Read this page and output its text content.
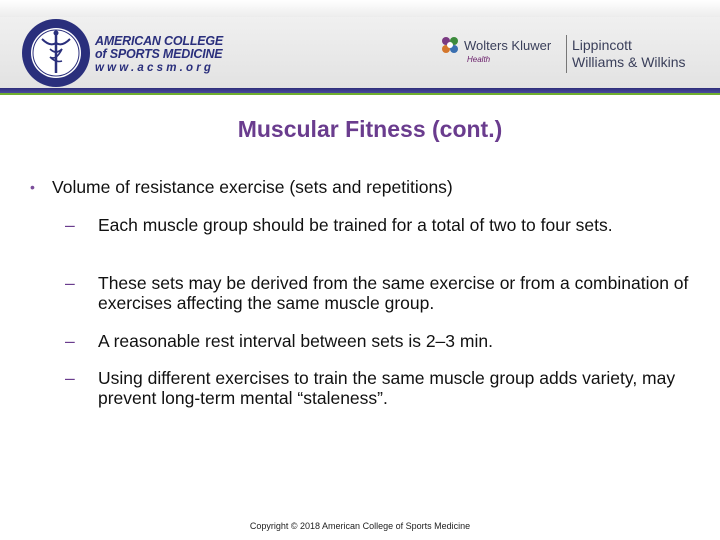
AMERICAN COLLEGE
of SPORTS MEDICINE
www.acsm.org
Wolters Kluwer
Health
Lippincott
Williams & Wilkins
Muscular Fitness (cont.)
• Volume of resistance exercise (sets and repetitions)
– Each muscle group should be trained for a total of two to four sets.
– These sets may be derived from the same exercise or from a combination of exercises affecting the same muscle group.
– A reasonable rest interval between sets is 2–3 min.
– Using different exercises to train the same muscle group adds variety, may prevent long-term mental “staleness”.
Copyright © 2018 American College of Sports Medicine
